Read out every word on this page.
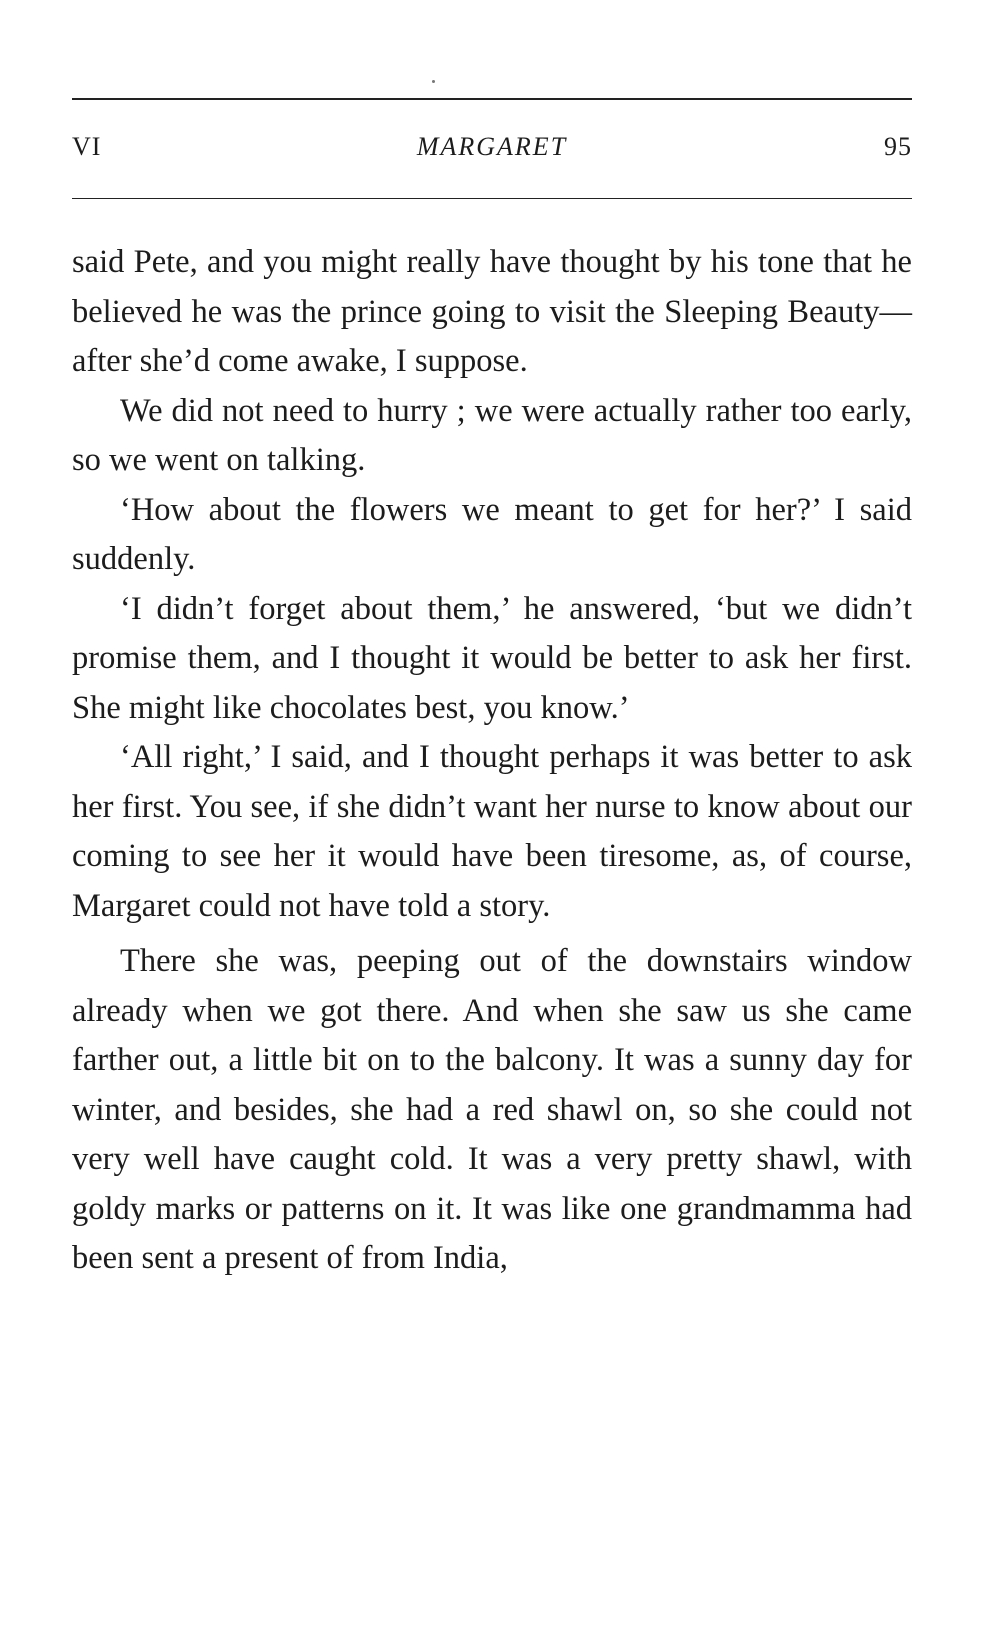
VI	MARGARET	95

said Pete, and you might really have thought by his tone that he believed he was the prince going to visit the Sleeping Beauty—after she’d come awake, I suppose.

We did not need to hurry ; we were actually rather too early, so we went on talking.

‘How about the flowers we meant to get for her?’ I said suddenly.

‘I didn’t forget about them,’ he answered, ‘but we didn’t promise them, and I thought it would be better to ask her first. She might like chocolates best, you know.’

‘All right,’ I said, and I thought perhaps it was better to ask her first. You see, if she didn’t want her nurse to know about our coming to see her it would have been tiresome, as, of course, Margaret could not have told a story.

There she was, peeping out of the downstairs window already when we got there. And when she saw us she came farther out, a little bit on to the balcony. It was a sunny day for winter, and besides, she had a red shawl on, so she could not very well have caught cold. It was a very pretty shawl, with goldy marks or patterns on it. It was like one grandmamma had been sent a present of from India,
